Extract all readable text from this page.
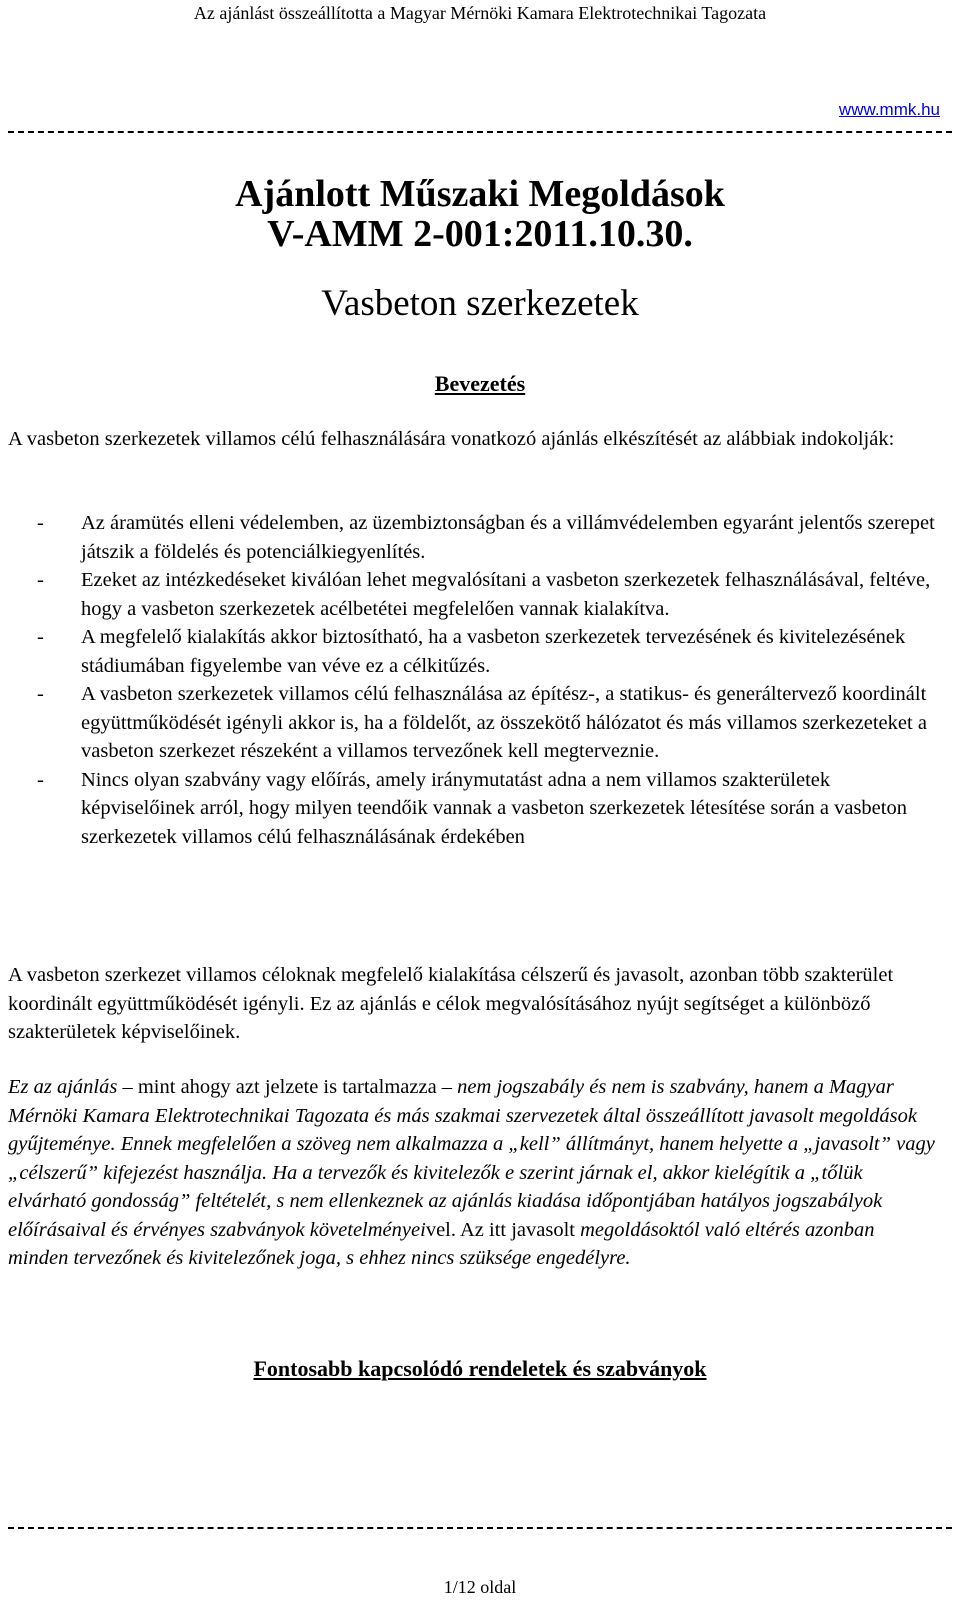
Az ajánlást összeállította a Magyar Mérnöki Kamara Elektrotechnikai Tagozata
www.mmk.hu
Ajánlott Műszaki Megoldások
V-AMM 2-001:2011.10.30.
Vasbeton szerkezetek
Bevezetés
A vasbeton szerkezetek villamos célú felhasználására vonatkozó ajánlás elkészítését az alábbiak indokolják:
- Az áramütés elleni védelemben, az üzembiztonságban és a villámvédelemben egyaránt jelentős szerepet játszik a földelés és potenciálkiegyenlítés.
- Ezeket az intézkedéseket kiválóan lehet megvalósítani a vasbeton szerkezetek felhasználásával, feltéve, hogy a vasbeton szerkezetek acélbetétei megfelelően vannak kialakítva.
- A megfelelő kialakítás akkor biztosítható, ha a vasbeton szerkezetek tervezésének és kivitelezésének stádiumában figyelembe van véve ez a célkitűzés.
- A vasbeton szerkezetek villamos célú felhasználása az építész-, a statikus- és generáltervező koordinált együttműködését igényli akkor is, ha a földelőt, az összekötő hálózatot és más villamos szerkezeteket a vasbeton szerkezet részeként a villamos tervezőnek kell megterveznie.
- Nincs olyan szabvány vagy előírás, amely iránymutatást adna a nem villamos szakterületek képviselőinek arról, hogy milyen teendőik vannak a vasbeton szerkezetek létesítése során a vasbeton szerkezetek villamos célú felhasználásának érdekében
A vasbeton szerkezet villamos céloknak megfelelő kialakítása célszerű és javasolt, azonban több szakterület koordinált együttműködését igényli. Ez az ajánlás e célok megvalósításához nyújt segítséget a különböző szakterületek képviselőinek.
Ez az ajánlás – mint ahogy azt jelzete is tartalmazza – nem jogszabály és nem is szabvány, hanem a Magyar Mérnöki Kamara Elektrotechnikai Tagozata és más szakmai szervezetek által összeállított javasolt megoldások gyűjteménye. Ennek megfelelően a szöveg nem alkalmazza a „kell” állítmányt, hanem helyette a „javasolt” vagy „célszerű” kifejezést használja. Ha a tervezők és kivitelezők e szerint járnak el, akkor kielégítik a „tőlük elvárható gondosság” feltételét, s nem ellenkeznek az ajánlás kiadása időpontjában hatályos jogszabályok előírásaival és érvényes szabványok követelményeivel. Az itt javasolt megoldásoktól való eltérés azonban minden tervezőnek és kivitelezőnek joga, s ehhez nincs szüksége engedélyre.
Fontosabb kapcsolódó rendeletek és szabványok
1/12 oldal
